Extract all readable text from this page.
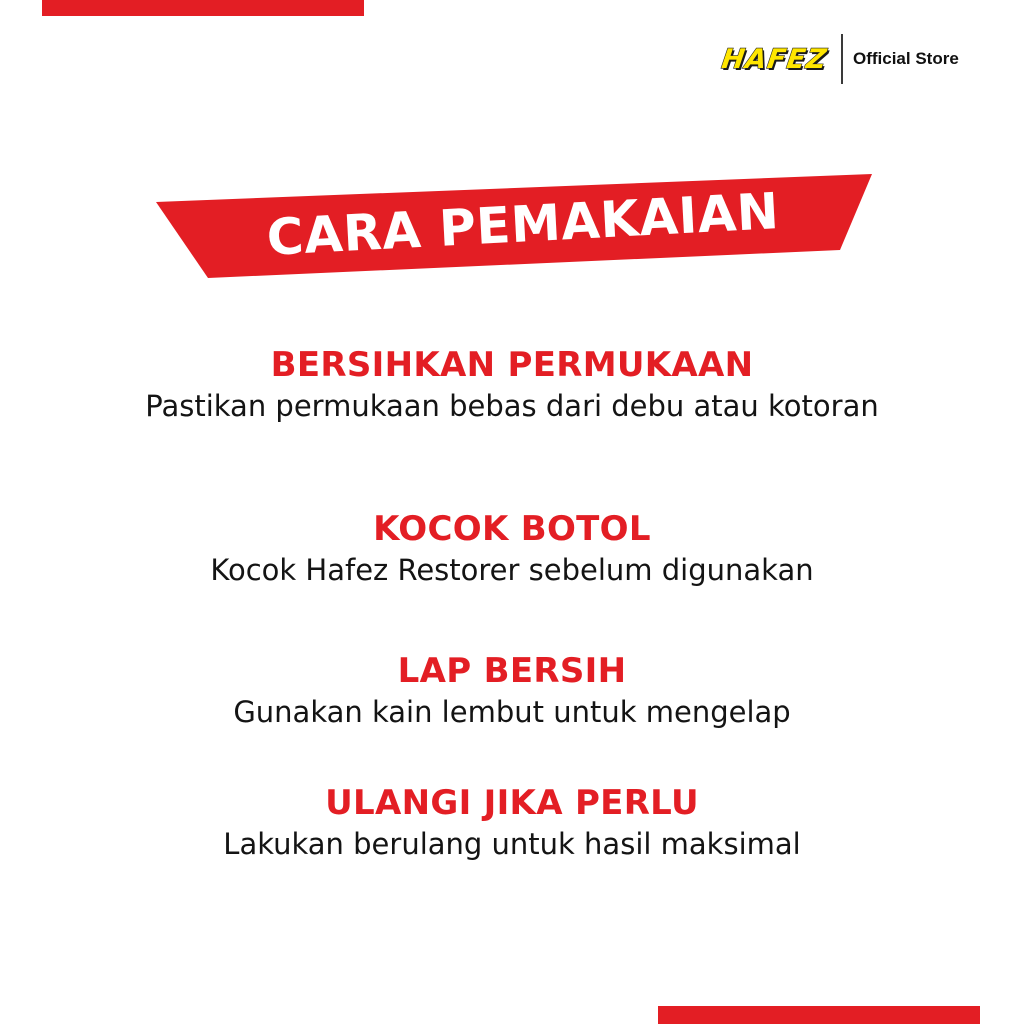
HAFEZ	Official Store
CARA PEMAKAIAN
BERSIHKAN PERMUKAAN
Pastikan permukaan bebas dari debu atau kotoran
KOCOK BOTOL
Kocok Hafez Restorer sebelum digunakan
LAP BERSIH
Gunakan kain lembut untuk mengelap
ULANGI JIKA PERLU
Lakukan berulang untuk hasil maksimal
